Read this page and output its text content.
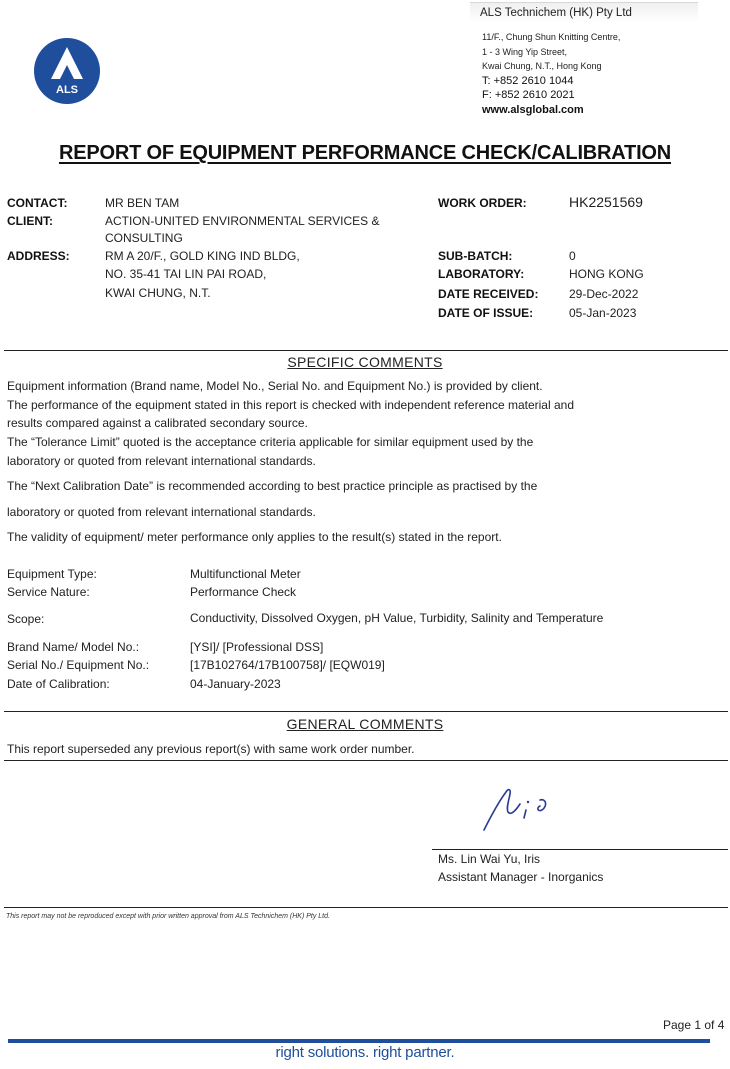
ALS
ALS Technichem (HK) Pty Ltd
11/F., Chung Shun Knitting Centre,
1 - 3 Wing Yip Street,
Kwai Chung, N.T., Hong Kong
T: +852 2610 1044
F: +852 2610 2021
www.alsglobal.com
REPORT OF EQUIPMENT PERFORMANCE CHECK/CALIBRATION
CONTACT:	MR BEN TAM
CLIENT:	ACTION-UNITED ENVIRONMENTAL SERVICES &
CONSULTING
ADDRESS:	RM A 20/F., GOLD KING IND BLDG,
NO. 35-41 TAI LIN PAI ROAD,
KWAI CHUNG, N.T.
WORK ORDER:	HK2251569
SUB-BATCH:	0
LABORATORY:	HONG KONG
DATE RECEIVED:	29-Dec-2022
DATE OF ISSUE:	05-Jan-2023
SPECIFIC COMMENTS
Equipment information (Brand name, Model No., Serial No. and Equipment No.) is provided by client.
The performance of the equipment stated in this report is checked with independent reference material and
results compared against a calibrated secondary source.
The “Tolerance Limit” quoted is the acceptance criteria applicable for similar equipment used by the
laboratory or quoted from relevant international standards.
The “Next Calibration Date” is recommended according to best practice principle as practised by the
laboratory or quoted from relevant international standards.
The validity of equipment/ meter performance only applies to the result(s) stated in the report.
Equipment Type:	Multifunctional Meter
Service Nature:	Performance Check
Scope:	Conductivity, Dissolved Oxygen, pH Value, Turbidity, Salinity and Temperature
Brand Name/ Model No.:	[YSI]/ [Professional DSS]
Serial No./ Equipment No.:	[17B102764/17B100758]/ [EQW019]
Date of Calibration:	04-January-2023
GENERAL COMMENTS
This report superseded any previous report(s) with same work order number.
Ms. Lin Wai Yu, Iris
Assistant Manager - Inorganics
This report may not be reproduced except with prior written approval from ALS Technichem (HK) Pty Ltd.
Page 1 of 4
right solutions. right partner.
